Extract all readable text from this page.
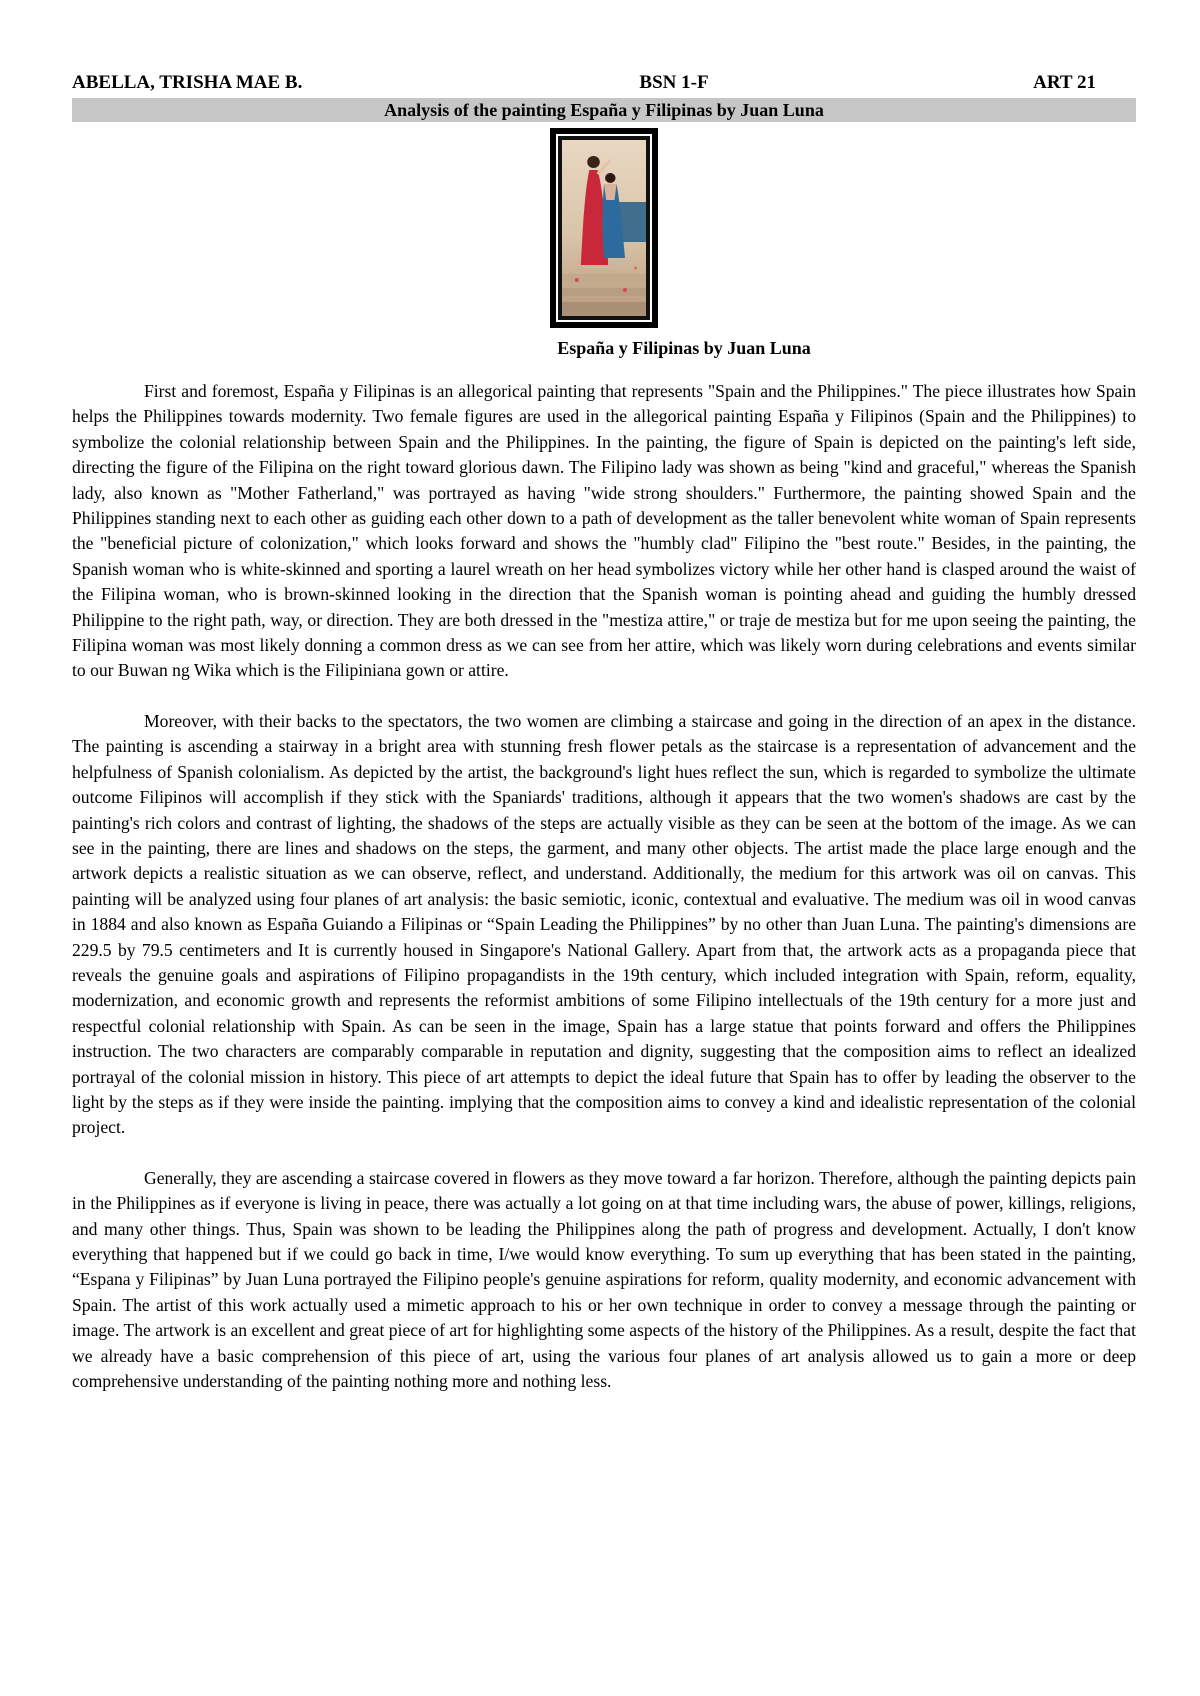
ABELLA, TRISHA MAE B.	BSN 1-F	ART 21
Analysis of the painting España y Filipinas by Juan Luna
España y Filipinas by Juan Luna

First and foremost, España y Filipinas is an allegorical painting that represents "Spain and the Philippines." The piece illustrates how Spain helps the Philippines towards modernity. Two female figures are used in the allegorical painting España y Filipinos (Spain and the Philippines) to symbolize the colonial relationship between Spain and the Philippines. In the painting, the figure of Spain is depicted on the painting's left side, directing the figure of the Filipina on the right toward glorious dawn. The Filipino lady was shown as being "kind and graceful," whereas the Spanish lady, also known as "Mother Fatherland," was portrayed as having "wide strong shoulders." Furthermore, the painting showed Spain and the Philippines standing next to each other as guiding each other down to a path of development as the taller benevolent white woman of Spain represents the "beneficial picture of colonization," which looks forward and shows the "humbly clad" Filipino the "best route." Besides, in the painting, the Spanish woman who is white-skinned and sporting a laurel wreath on her head symbolizes victory while her other hand is clasped around the waist of the Filipina woman, who is brown-skinned looking in the direction that the Spanish woman is pointing ahead and guiding the humbly dressed Philippine to the right path, way, or direction. They are both dressed in the "mestiza attire," or traje de mestiza but for me upon seeing the painting, the Filipina woman was most likely donning a common dress as we can see from her attire, which was likely worn during celebrations and events similar to our Buwan ng Wika which is the Filipiniana gown or attire.

Moreover, with their backs to the spectators, the two women are climbing a staircase and going in the direction of an apex in the distance. The painting is ascending a stairway in a bright area with stunning fresh flower petals as the staircase is a representation of advancement and the helpfulness of Spanish colonialism. As depicted by the artist, the background's light hues reflect the sun, which is regarded to symbolize the ultimate outcome Filipinos will accomplish if they stick with the Spaniards' traditions, although it appears that the two women's shadows are cast by the painting's rich colors and contrast of lighting, the shadows of the steps are actually visible as they can be seen at the bottom of the image. As we can see in the painting, there are lines and shadows on the steps, the garment, and many other objects. The artist made the place large enough and the artwork depicts a realistic situation as we can observe, reflect, and understand. Additionally, the medium for this artwork was oil on canvas. This painting will be analyzed using four planes of art analysis: the basic semiotic, iconic, contextual and evaluative. The medium was oil in wood canvas in 1884 and also known as España Guiando a Filipinas or “Spain Leading the Philippines” by no other than Juan Luna. The painting's dimensions are 229.5 by 79.5 centimeters and It is currently housed in Singapore's National Gallery. Apart from that, the artwork acts as a propaganda piece that reveals the genuine goals and aspirations of Filipino propagandists in the 19th century, which included integration with Spain, reform, equality, modernization, and economic growth and represents the reformist ambitions of some Filipino intellectuals of the 19th century for a more just and respectful colonial relationship with Spain. As can be seen in the image, Spain has a large statue that points forward and offers the Philippines instruction. The two characters are comparably comparable in reputation and dignity, suggesting that the composition aims to reflect an idealized portrayal of the colonial mission in history. This piece of art attempts to depict the ideal future that Spain has to offer by leading the observer to the light by the steps as if they were inside the painting. implying that the composition aims to convey a kind and idealistic representation of the colonial project.

Generally, they are ascending a staircase covered in flowers as they move toward a far horizon. Therefore, although the painting depicts pain in the Philippines as if everyone is living in peace, there was actually a lot going on at that time including wars, the abuse of power, killings, religions, and many other things. Thus, Spain was shown to be leading the Philippines along the path of progress and development. Actually, I don't know everything that happened but if we could go back in time, I/we would know everything. To sum up everything that has been stated in the painting, “Espana y Filipinas” by Juan Luna portrayed the Filipino people's genuine aspirations for reform, quality modernity, and economic advancement with Spain. The artist of this work actually used a mimetic approach to his or her own technique in order to convey a message through the painting or image. The artwork is an excellent and great piece of art for highlighting some aspects of the history of the Philippines. As a result, despite the fact that we already have a basic comprehension of this piece of art, using the various four planes of art analysis allowed us to gain a more or deep comprehensive understanding of the painting nothing more and nothing less.
